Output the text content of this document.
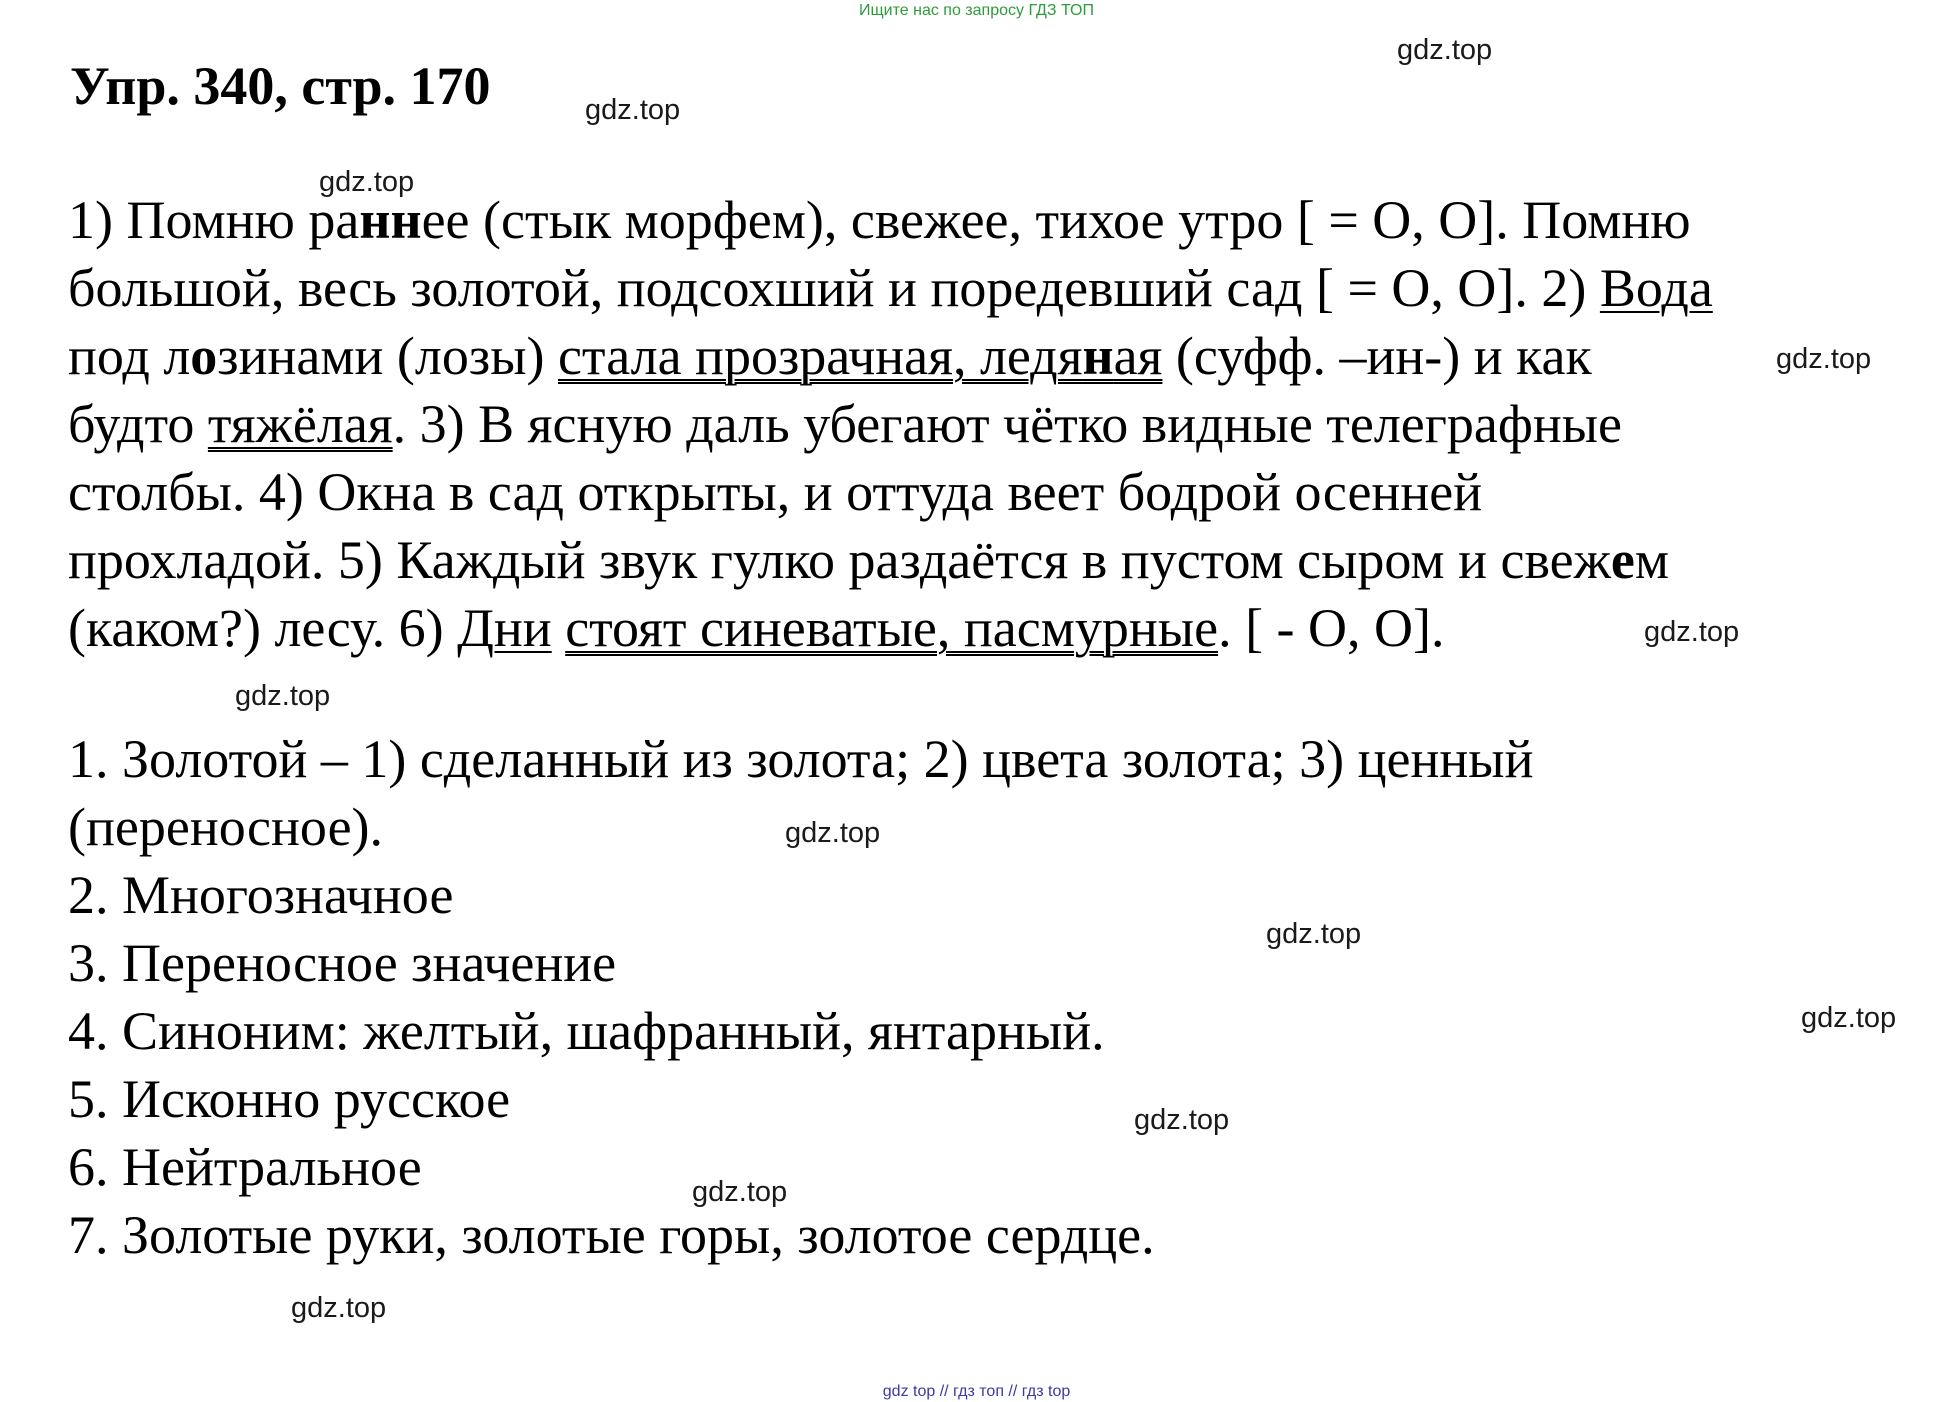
Ищите нас по запросу ГДЗ ТОП
Упр. 340, стр. 170
1) Помню раннее (стык морфем), свежее, тихое утро [ = О, О]. Помню
большой, весь золотой, подсохший и поредевший сад [ = О, О]. 2) Вода
под лозинами (лозы) стала прозрачная, ледяная (суфф. –ин-) и как
будто тяжёлая. 3) В ясную даль убегают чётко видные телеграфные
столбы. 4) Окна в сад открыты, и оттуда веет бодрой осенней
прохладой. 5) Каждый звук гулко раздаётся в пустом сыром и свежем
(каком?) лесу. 6) Дни стоят синеватые, пасмурные. [ - О, О].
1. Золотой – 1) сделанный из золота; 2) цвета золота; 3) ценный
(переносное).
2. Многозначное
3. Переносное значение
4. Синоним: желтый, шафранный, янтарный.
5. Исконно русское
6. Нейтральное
7. Золотые руки, золотые горы, золотое сердце.
gdz.top
gdz.top
gdz.top
gdz.top
gdz.top
gdz.top
gdz.top
gdz.top
gdz.top
gdz.top
gdz.top
gdz.top
gdz top // гдз топ // гдз top
